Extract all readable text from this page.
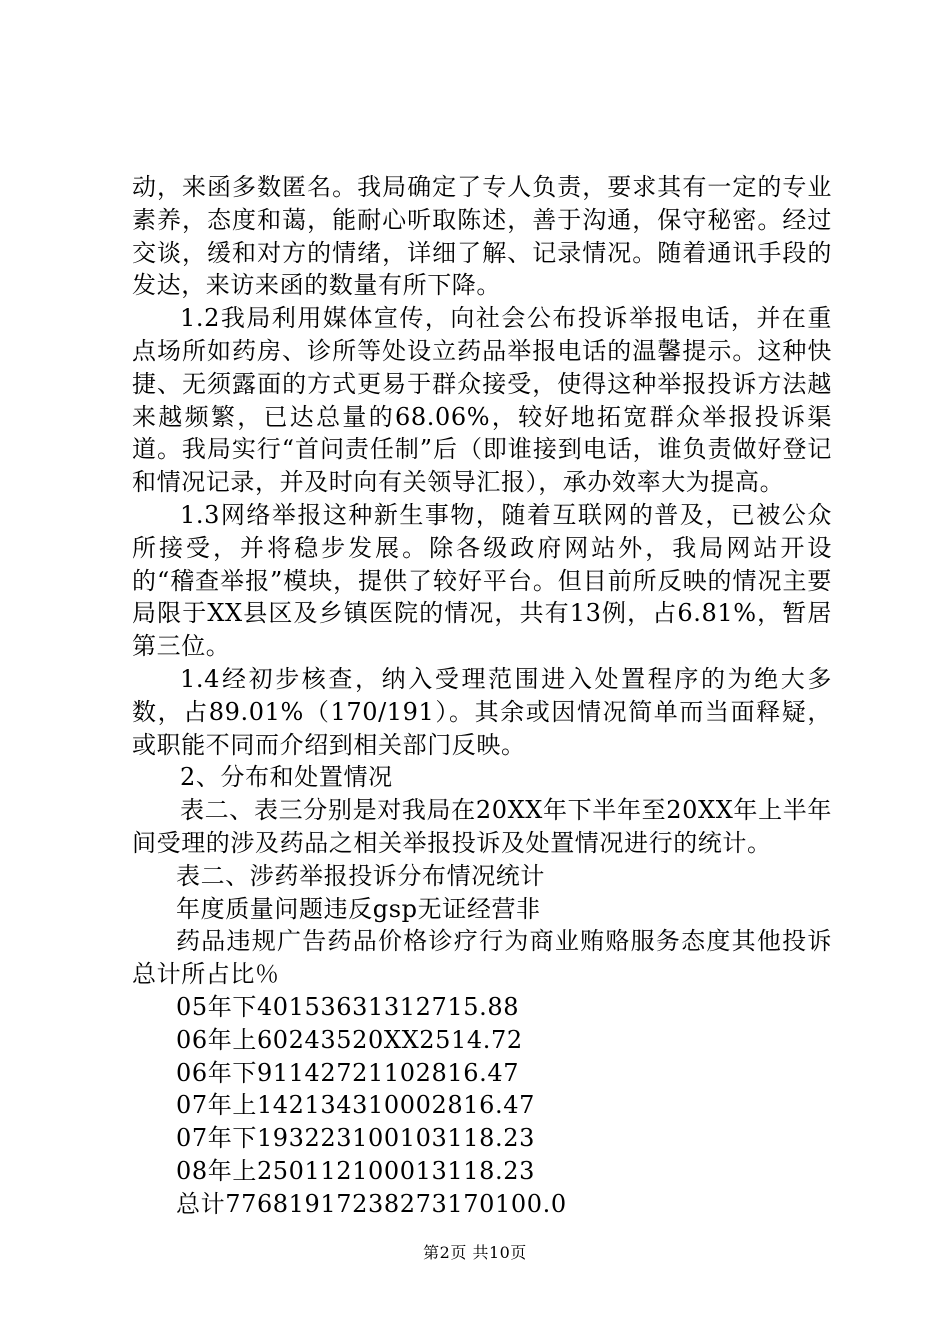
动，来函多数匿名。我局确定了专人负责，要求其有一定的专业素养，态度和蔼，能耐心听取陈述，善于沟通，保守秘密。经过交谈，缓和对方的情绪，详细了解、记录情况。随着通讯手段的发达，来访来函的数量有所下降。

1.2我局利用媒体宣传，向社会公布投诉举报电话，并在重点场所如药房、诊所等处设立药品举报电话的温馨提示。这种快捷、无须露面的方式更易于群众接受，使得这种举报投诉方法越来越频繁，已达总量的68.06%，较好地拓宽群众举报投诉渠道。我局实行“首问责任制”后（即谁接到电话，谁负责做好登记和情况记录，并及时向有关领导汇报），承办效率大为提高。

1.3网络举报这种新生事物，随着互联网的普及，已被公众所接受，并将稳步发展。除各级政府网站外，我局网站开设的“稽查举报”模块，提供了较好平台。但目前所反映的情况主要局限于XX县区及乡镇医院的情况，共有13例，占6.81%，暂居第三位。

1.4经初步核查，纳入受理范围进入处置程序的为绝大多数，占89.01%（170/191）。其余或因情况简单而当面释疑，或职能不同而介绍到相关部门反映。

2、分布和处置情况

表二、表三分别是对我局在20XX年下半年至20XX年上半年间受理的涉及药品之相关举报投诉及处置情况进行的统计。

表二、涉药举报投诉分布情况统计

年度质量问题违反gsp无证经营非

药品违规广告药品价格诊疗行为商业贿赂服务态度其他投诉总计所占比％

05年下40153631312715.88

06年上60243520XX2514.72

06年下91142721102816.47

07年上142134310002816.47

07年下193223100103118.23

08年上250112100013118.23

总计7768191723827317010​0.0

第2页 共10页
